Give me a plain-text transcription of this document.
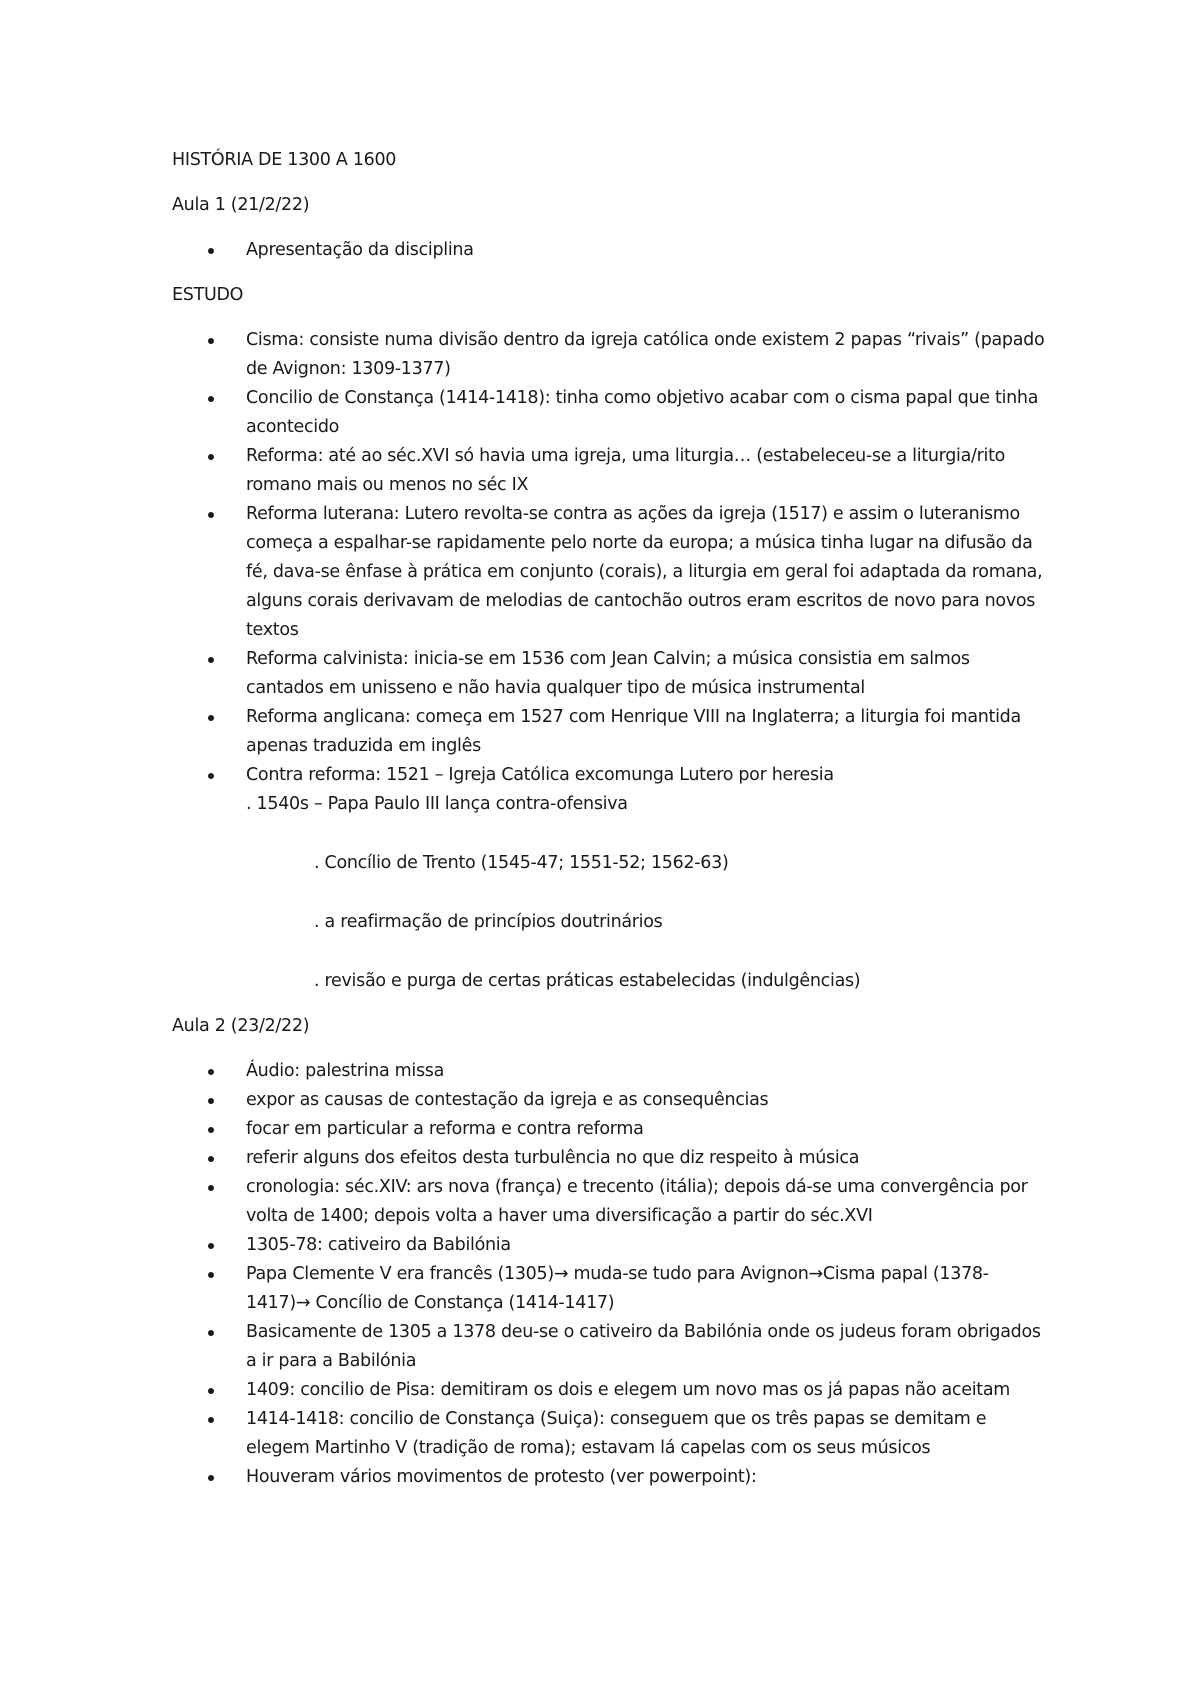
HISTÓRIA DE 1300 A 1600

Aula 1 (21/2/22)

Apresentação da disciplina

ESTUDO

Cisma: consiste numa divisão dentro da igreja católica onde existem 2 papas “rivais” (papado de Avignon: 1309-1377)
Concilio de Constança (1414-1418): tinha como objetivo acabar com o cisma papal que tinha acontecido
Reforma: até ao séc.XVI só havia uma igreja, uma liturgia… (estabeleceu-se a liturgia/rito romano mais ou menos no séc IX
Reforma luterana: Lutero revolta-se contra as ações da igreja (1517) e assim o luteranismo começa a espalhar-se rapidamente pelo norte da europa; a música tinha lugar na difusão da fé, dava-se ênfase à prática em conjunto (corais), a liturgia em geral foi adaptada da romana, alguns corais derivavam de melodias de cantochão outros eram escritos de novo para novos textos
Reforma calvinista: inicia-se em 1536 com Jean Calvin; a música consistia em salmos cantados em unisseno e não havia qualquer tipo de música instrumental
Reforma anglicana: começa em 1527 com Henrique VIII na Inglaterra; a liturgia foi mantida apenas traduzida em inglês
Contra reforma: 1521 – Igreja Católica excomunga Lutero por heresia

. 1540s – Papa Paulo III lança contra-ofensiva

. Concílio de Trento (1545-47; 1551-52; 1562-63)

. a reafirmação de princípios doutrinários

. revisão e purga de certas práticas estabelecidas (indulgências)

Aula 2 (23/2/22)

Áudio: palestrina missa
expor as causas de contestação da igreja e as consequências
focar em particular a reforma e contra reforma
referir alguns dos efeitos desta turbulência no que diz respeito à música
cronologia: séc.XIV: ars nova (frança) e trecento (itália); depois dá-se uma convergência por volta de 1400; depois volta a haver uma diversificação a partir do séc.XVI
1305-78: cativeiro da Babilónia
Papa Clemente V era francês (1305)→ muda-se tudo para Avignon→Cisma papal (1378-1417)→ Concílio de Constança (1414-1417)
Basicamente de 1305 a 1378 deu-se o cativeiro da Babilónia onde os judeus foram obrigados a ir para a Babilónia
1409: concilio de Pisa: demitiram os dois e elegem um novo mas os já papas não aceitam
1414-1418: concilio de Constança (Suiça): conseguem que os três papas se demitam e elegem Martinho V (tradição de roma); estavam lá capelas com os seus músicos
Houveram vários movimentos de protesto (ver powerpoint):
